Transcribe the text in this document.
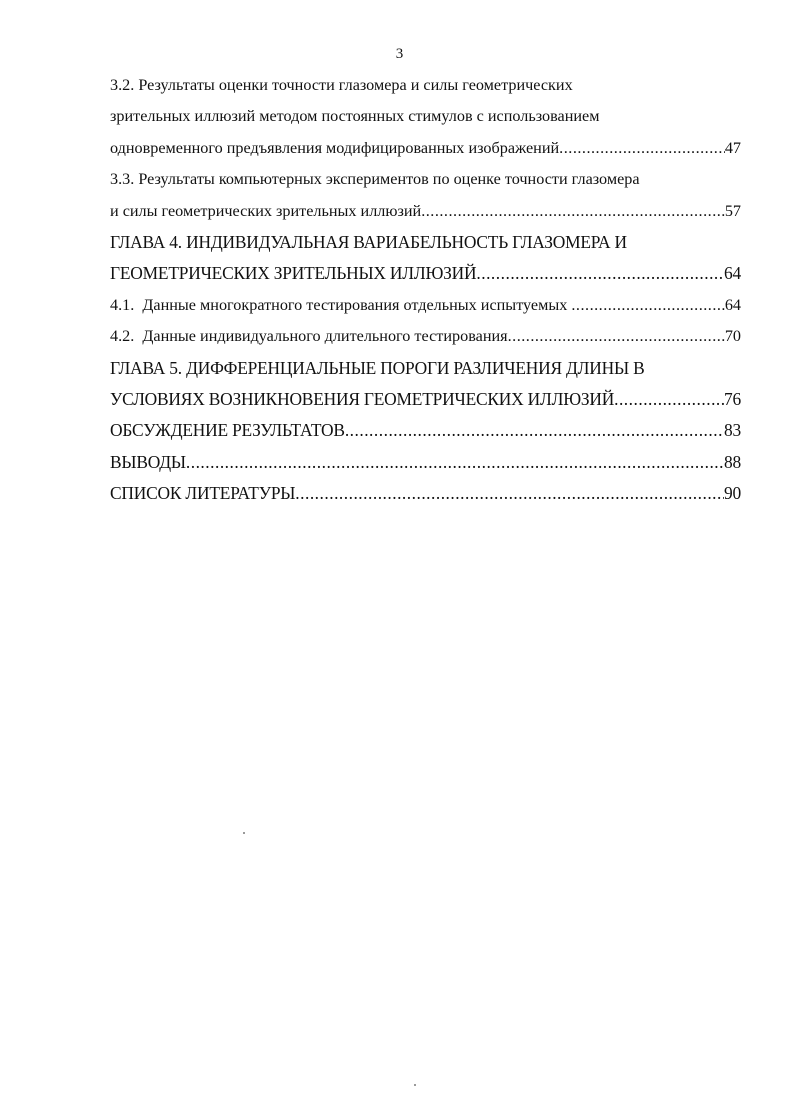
3
3.2. Результаты оценки точности глазомера и силы геометрических
зрительных иллюзий методом постоянных стимулов с использованием
одновременного предъявления модифицированных изображений .....	47
3.3. Результаты компьютерных экспериментов по оценке точности глазомера
и силы геометрических зрительных иллюзий .....	57
ГЛАВА 4. ИНДИВИДУАЛЬНАЯ ВАРИАБЕЛЬНОСТЬ ГЛАЗОМЕРА И
ГЕОМЕТРИЧЕСКИХ ЗРИТЕЛЬНЫХ ИЛЛЮЗИЙ .....	64
4.1.  Данные многократного тестирования отдельных испытуемых .....	64
4.2.  Данные индивидуального длительного тестирования .....	70
ГЛАВА 5. ДИФФЕРЕНЦИАЛЬНЫЕ ПОРОГИ РАЗЛИЧЕНИЯ ДЛИНЫ В
УСЛОВИЯХ ВОЗНИКНОВЕНИЯ ГЕОМЕТРИЧЕСКИХ ИЛЛЮЗИЙ .....	76
ОБСУЖДЕНИЕ РЕЗУЛЬТАТОВ .....	83
ВЫВОДЫ .....	88
СПИСОК ЛИТЕРАТУРЫ .....	90
